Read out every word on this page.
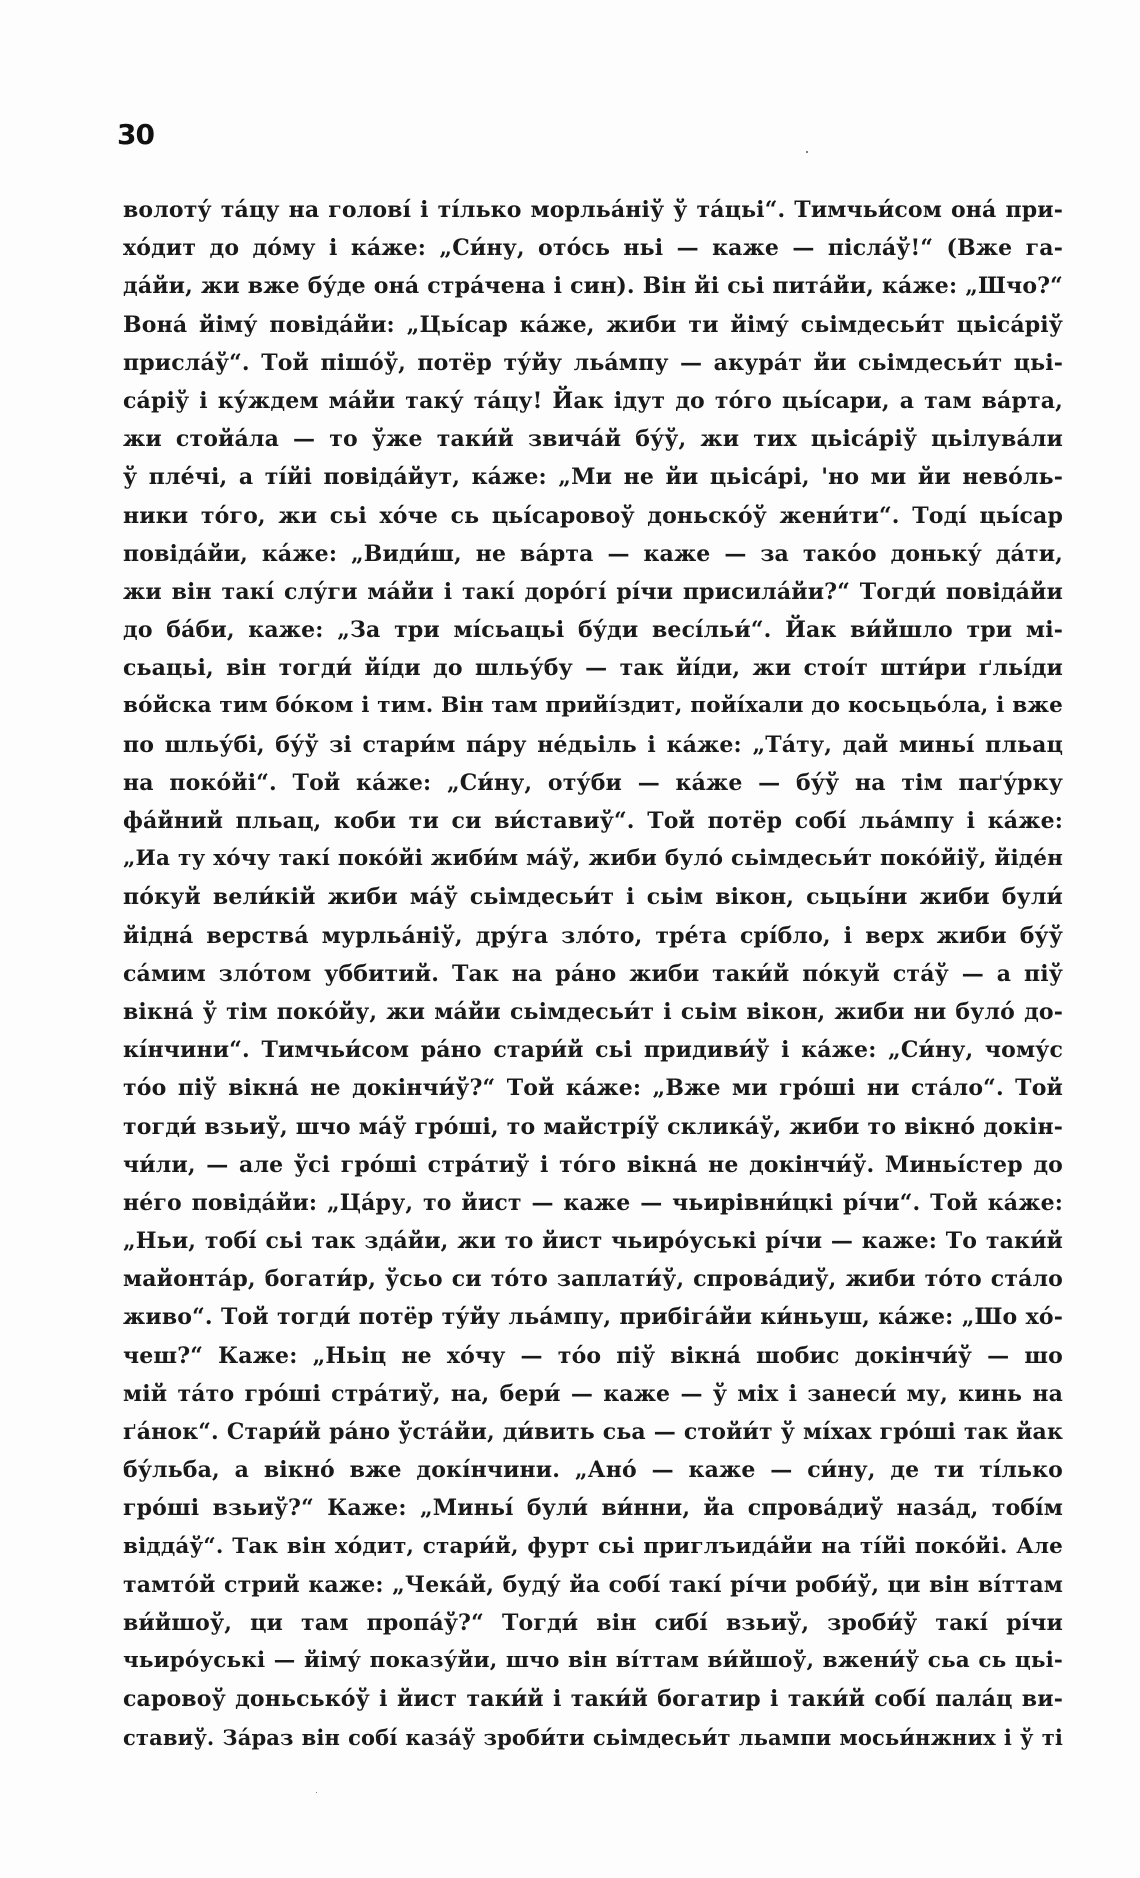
30
волоту́ та́цу на голові́ і ті́лько морльа́ніў ў та́цьі“. Тимчьи́сом она́ при-
хо́дит до до́му і ка́же: „Си́ну, ото́сь ньі — каже — післа́ў!“ (Вже га-
да́йи, жи вже бу́де она́ стра́чена і син). Він йі сьі пита́йи, ка́же: „Шчо?“
Вона́ йіму́ повіда́йи: „Цьі́сар ка́же, жиби ти йіму́ сьімдесьи́т цьіса́ріў
присла́ў“. Той пішо́ў, потёр ту́йу льа́мпу — акура́т йи сьімдесьи́т цьі-
са́ріў і ку́ждем ма́йи таку́ та́цу! Йак ідут до то́го цьі́сари, а там ва́рта,
жи стойа́ла — то ўже таки́й звича́й бу́ў, жи тих цьіса́ріў цьілува́ли
ў пле́чі, а ті́йі повіда́йут, ка́же: „Ми не йи цьіса́рі, 'но ми йи нево́ль-
ники то́го, жи сьі хо́че сь цьі́саровоў доньско́ў жени́ти“. Тоді́ цьі́сар
повіда́йи, ка́же: „Види́ш, не ва́рта — каже — за тако́о доньку́ да́ти,
жи він такі́ слу́ги ма́йи і такі́ доро́гі́ рі́чи присила́йи?“ Тогди́ повіда́йи
до ба́би, каже: „За три мі́сьацьі бу́ди весі́льи́“. Йак ви́йшло три мі-
сьацьі, він тогди́ йі́ди до шльу́бу — так йі́ди, жи стоі́т шти́ри ґльі́ди
во́йска тим бо́ком і тим. Він там прийі́здит, пойі́хали до косьцьо́ла, і вже
по шльу́бі, бу́ў зі стари́м па́ру не́дьіль і ка́же: „Та́ту, дай миньі́ пльац
на поко́йі“. Той ка́же: „Си́ну, оту́би — ка́же — бу́ў на тім паґу́рку
фа́йний пльац, коби ти си ви́ставиў“. Той потёр собі́ льа́мпу і ка́же:
„Иа ту хо́чу такі́ поко́йі жиби́м ма́ў, жиби було́ сьімдесьи́т поко́йіў, йіде́н
по́куй вели́кій жиби ма́ў сьімдесьи́т і сьім вікон, сьцьі́ни жиби були́
йідна́ верства́ мурльа́ніў, дру́га зло́то, тре́та срі́бло, і верх жиби бу́ў
са́мим зло́том уббитий. Так на ра́но жиби таки́й по́куй ста́ў — а піў
вікна́ ў тім поко́йу, жи ма́йи сьімдесьи́т і сьім вікон, жиби ни було́ до-
кі́нчини“. Тимчьи́сом ра́но стари́й сьі придиви́ў і ка́же: „Си́ну, чому́с
то́о піў вікна́ не докінчи́ў?“ Той ка́же: „Вже ми гро́ші ни ста́ло“. Той
тогди́ взьиў, шчо ма́ў гро́ші, то майстрі́ў склика́ў, жиби то вікно́ докін-
чи́ли, — але ўсі гро́ші стра́тиў і то́го вікна́ не докінчи́ў. Миньі́стер до
не́го повіда́йи: „Ца́ру, то йист — каже — чьирівни́цкі рі́чи“. Той ка́же:
„Ньи, тобі́ сьі так зда́йи, жи то йист чьиро́уські рі́чи — каже: То таки́й
майонта́р, богати́р, ўсьо си то́то заплати́ў, спрова́диў, жиби то́то ста́ло
живо“. Той тогди́ потёр ту́йу льа́мпу, прибіга́йи ки́ньуш, ка́же: „Шо хо́-
чеш?“ Каже: „Ньіц не хо́чу — то́о піў вікна́ шобис докінчи́ў — шо
мій та́то гро́ші стра́тиў, на, бери́ — каже — ў міх і занеси́ му, кинь на
ґа́нок“. Стари́й ра́но ўста́йи, ди́вить сьа — стойи́т ў мі́хах гро́ші так йак
бу́льба, а вікно́ вже докі́нчини. „Ано́ — каже — си́ну, де ти ті́лько
гро́ші взьиў?“ Каже: „Миньі́ були́ ви́нни, йа спрова́диў наза́д, тобі́м
відда́ў“. Так він хо́дит, стари́й, фурт сьі приглъида́йи на ті́йі поко́йі. Але
тамто́й стрий каже: „Чека́й, буду́ йа собі́ такі́ рі́чи роби́ў, ци він ві́ттам
ви́йшоў, ци там пропа́ў?“ Тогди́ він сибі́ взьиў, зроби́ў такі́ рі́чи
чьиро́уські — йіму́ показу́йи, шчо він ві́ттам ви́йшоў, вжени́ў сьа сь цьі-
саровоў доньсько́ў і йист таки́й і таки́й богатир і таки́й собі́ пала́ц ви-
ставиў. За́раз він собі́ каза́ў зроби́ти сьімдесьи́т льампи мосьи́нжних і ў ті
